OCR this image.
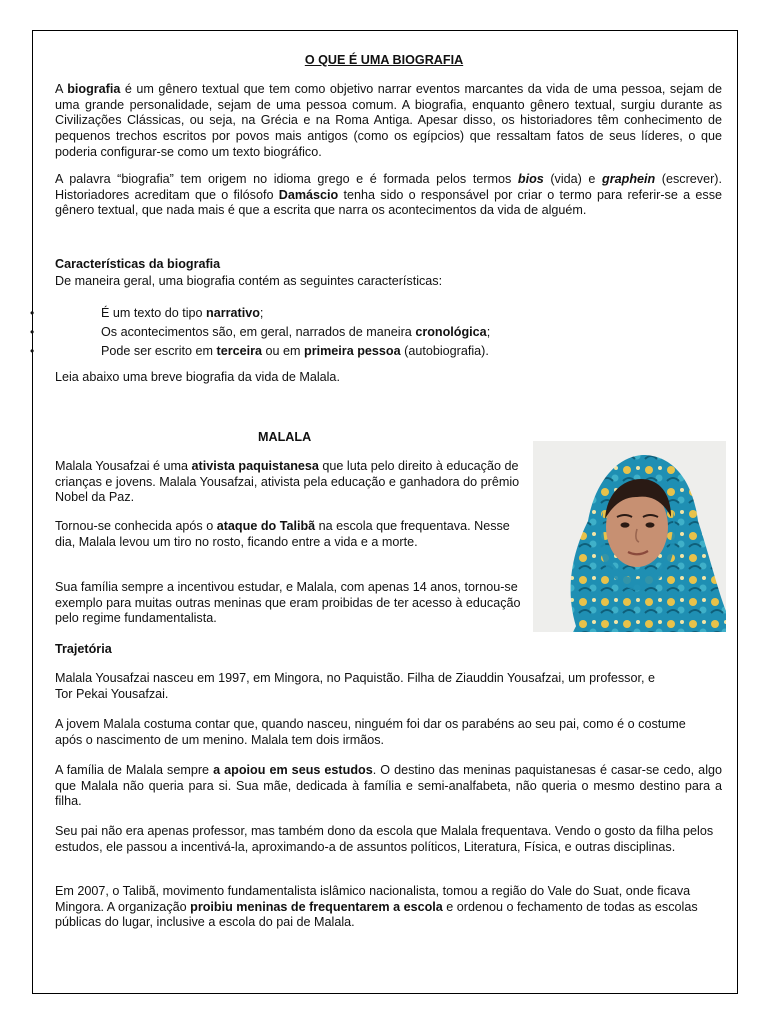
O QUE É UMA BIOGRAFIA

A biografia é um gênero textual que tem como objetivo narrar eventos marcantes da vida de uma pessoa, sejam de uma grande personalidade, sejam de uma pessoa comum. A biografia, enquanto gênero textual, surgiu durante as Civilizações Clássicas, ou seja, na Grécia e na Roma Antiga. Apesar disso, os historiadores têm conhecimento de pequenos trechos escritos por povos mais antigos (como os egípcios) que ressaltam fatos de seus líderes, o que poderia configurar-se como um texto biográfico.

A palavra “biografia” tem origem no idioma grego e é formada pelos termos bios (vida) e graphein (escrever). Historiadores acreditam que o filósofo Damáscio tenha sido o responsável por criar o termo para referir-se a esse gênero textual, que nada mais é que a escrita que narra os acontecimentos da vida de alguém.

Características da biografia

De maneira geral, uma biografia contém as seguintes características:

•	É um texto do tipo narrativo;
•	Os acontecimentos são, em geral, narrados de maneira cronológica;
•	Pode ser escrito em terceira ou em primeira pessoa (autobiografia).

Leia abaixo uma breve biografia da vida de Malala.

MALALA

Malala Yousafzai é uma ativista paquistanesa que luta pelo direito à educação de crianças e jovens. Malala Yousafzai, ativista pela educação e ganhadora do prêmio Nobel da Paz.

Tornou-se conhecida após o ataque do Talibã na escola que frequentava. Nesse dia, Malala levou um tiro no rosto, ficando entre a vida e a morte.

Sua família sempre a incentivou estudar, e Malala, com apenas 14 anos, tornou-se exemplo para muitas outras meninas que eram proibidas de ter acesso à educação pelo regime fundamentalista.

Trajetória

Malala Yousafzai nasceu em 1997, em Mingora, no Paquistão. Filha de Ziauddin Yousafzai, um professor, e Tor Pekai Yousafzai.

A jovem Malala costuma contar que, quando nasceu, ninguém foi dar os parabéns ao seu pai, como é o costume após o nascimento de um menino. Malala tem dois irmãos.

A família de Malala sempre a apoiou em seus estudos. O destino das meninas paquistanesas é casar-se cedo, algo que Malala não queria para si. Sua mãe, dedicada à família e semi-analfabeta, não queria o mesmo destino para a filha.

Seu pai não era apenas professor, mas também dono da escola que Malala frequentava. Vendo o gosto da filha pelos estudos, ele passou a incentivá-la, aproximando-a de assuntos políticos, Literatura, Física, e outras disciplinas.

Em 2007, o Talibã, movimento fundamentalista islâmico nacionalista, tomou a região do Vale do Suat, onde ficava Mingora. A organização proibiu meninas de frequentarem a escola e ordenou o fechamento de todas as escolas públicas do lugar, inclusive a escola do pai de Malala.
